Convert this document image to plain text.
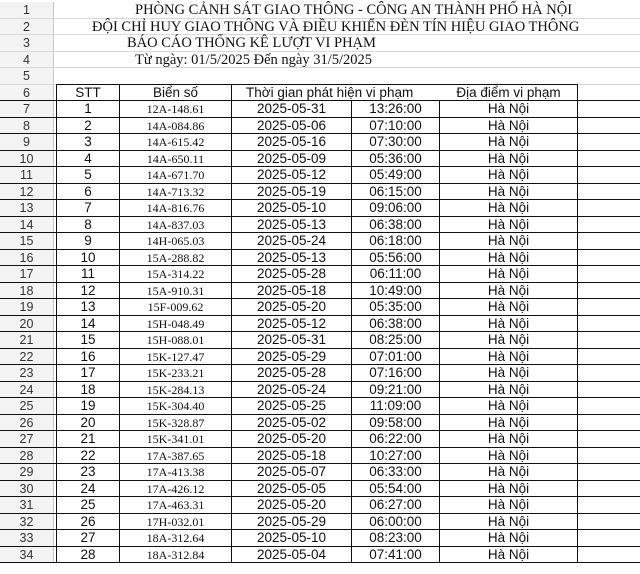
1	PHÒNG CẢNH SÁT GIAO THÔNG - CÔNG AN THÀNH PHỐ HÀ NỘI
2	ĐỘI CHỈ HUY GIAO THÔNG VÀ ĐIỀU KHIỂN ĐÈN TÍN HIỆU GIAO THÔNG
3	BÁO CÁO THỐNG KÊ LƯỢT VI PHẠM
4	Từ ngày: 01/5/2025 Đến ngày 31/5/2025
5
6	STT	Biển số	Thời gian phát hiện vi phạm	Địa điểm vi phạm
7	1	12A-148.61	2025-05-31	13:26:00	Hà Nội
8	2	14A-084.86	2025-05-06	07:10:00	Hà Nội
9	3	14A-615.42	2025-05-16	07:30:00	Hà Nội
10	4	14A-650.11	2025-05-09	05:36:00	Hà Nội
11	5	14A-671.70	2025-05-12	05:49:00	Hà Nội
12	6	14A-713.32	2025-05-19	06:15:00	Hà Nội
13	7	14A-816.76	2025-05-10	09:06:00	Hà Nội
14	8	14A-837.03	2025-05-13	06:38:00	Hà Nội
15	9	14H-065.03	2025-05-24	06:18:00	Hà Nội
16	10	15A-288.82	2025-05-13	05:56:00	Hà Nội
17	11	15A-314.22	2025-05-28	06:11:00	Hà Nội
18	12	15A-910.31	2025-05-18	10:49:00	Hà Nội
19	13	15F-009.62	2025-05-20	05:35:00	Hà Nội
20	14	15H-048.49	2025-05-12	06:38:00	Hà Nội
21	15	15H-088.01	2025-05-31	08:25:00	Hà Nội
22	16	15K-127.47	2025-05-29	07:01:00	Hà Nội
23	17	15K-233.21	2025-05-28	07:16:00	Hà Nội
24	18	15K-284.13	2025-05-24	09:21:00	Hà Nội
25	19	15K-304.40	2025-05-25	11:09:00	Hà Nội
26	20	15K-328.87	2025-05-02	09:58:00	Hà Nội
27	21	15K-341.01	2025-05-20	06:22:00	Hà Nội
28	22	17A-387.65	2025-05-18	10:27:00	Hà Nội
29	23	17A-413.38	2025-05-07	06:33:00	Hà Nội
30	24	17A-426.12	2025-05-05	05:54:00	Hà Nội
31	25	17A-463.31	2025-05-20	06:27:00	Hà Nội
32	26	17H-032.01	2025-05-29	06:00:00	Hà Nội
33	27	18A-312.64	2025-05-10	08:23:00	Hà Nội
34	28	18A-312.84	2025-05-04	07:41:00	Hà Nội
